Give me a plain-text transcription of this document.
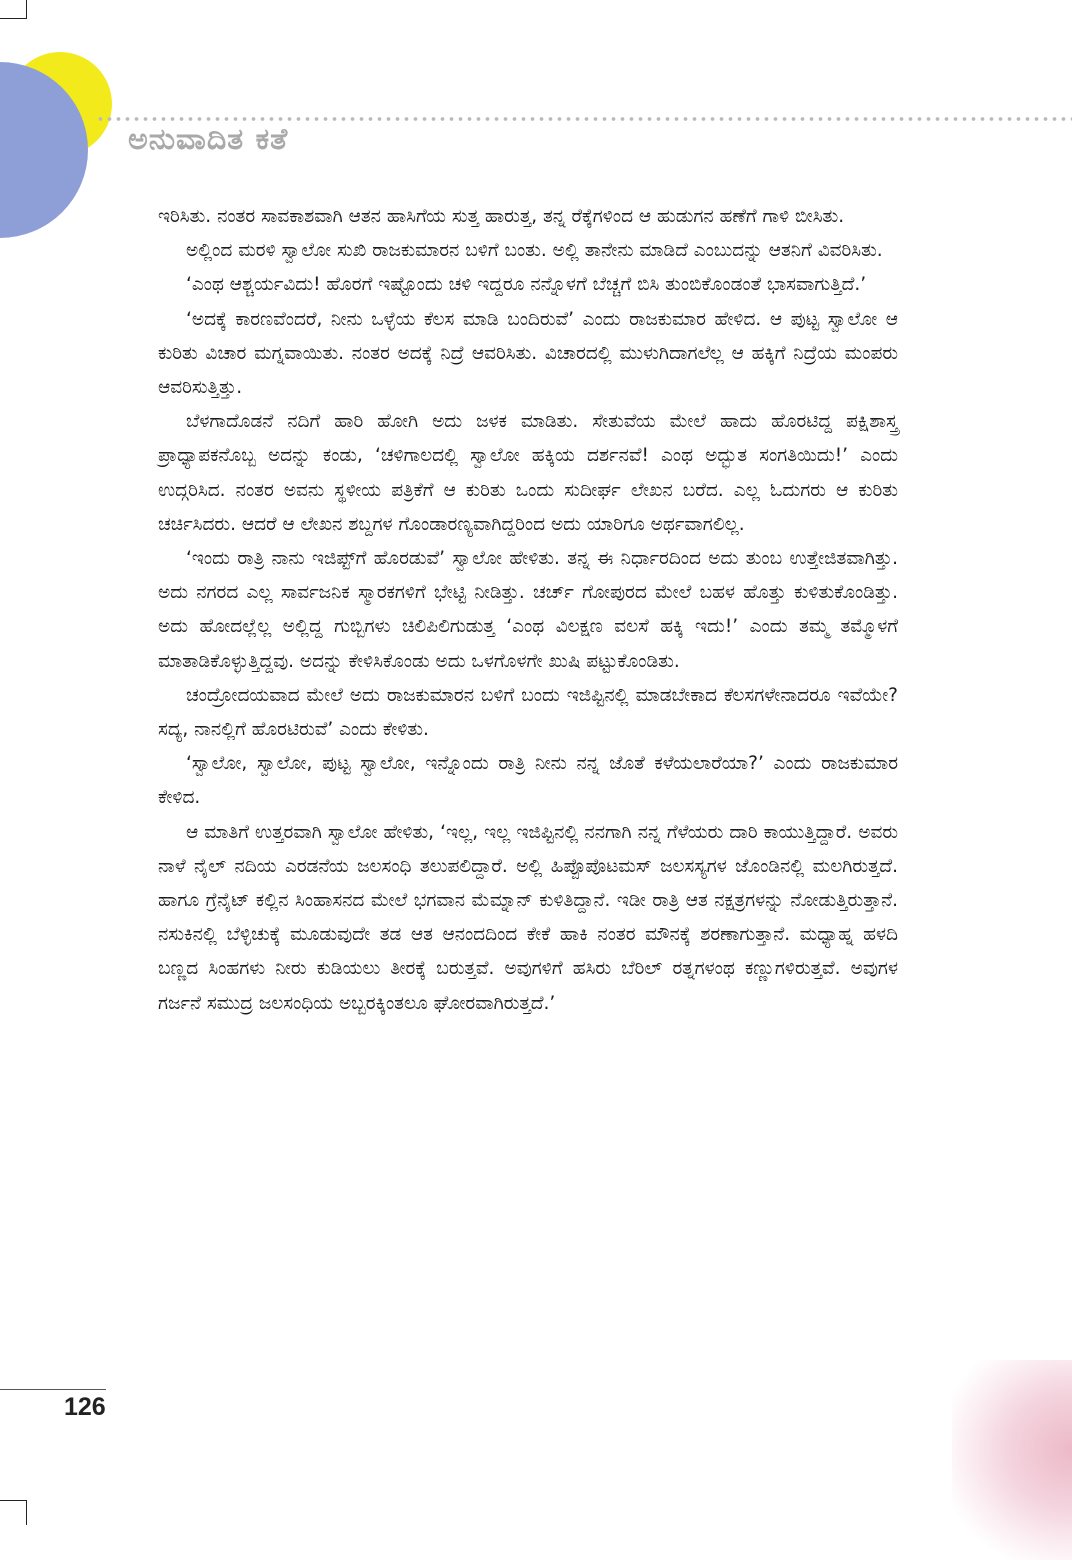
ಅನುವಾದಿತ ಕತೆ

ಇರಿಸಿತು. ನಂತರ ಸಾವಕಾಶವಾಗಿ ಆತನ ಹಾಸಿಗೆಯ ಸುತ್ತ ಹಾರುತ್ತ, ತನ್ನ ರೆಕ್ಕೆಗಳಿಂದ ಆ ಹುಡುಗನ ಹಣೆಗೆ ಗಾಳಿ ಬೀಸಿತು.

ಅಲ್ಲಿಂದ ಮರಳಿ ಸ್ವಾಲೋ ಸುಖಿ ರಾಜಕುಮಾರನ ಬಳಿಗೆ ಬಂತು. ಅಲ್ಲಿ ತಾನೇನು ಮಾಡಿದೆ ಎಂಬುದನ್ನು ಆತನಿಗೆ ವಿವರಿಸಿತು.

‘ಎಂಥ ಆಶ್ಚರ್ಯವಿದು! ಹೊರಗೆ ಇಷ್ಟೊಂದು ಚಳಿ ಇದ್ದರೂ ನನ್ನೊಳಗೆ ಬೆಚ್ಚಗೆ ಬಿಸಿ ತುಂಬಿಕೊಂಡಂತೆ ಭಾಸವಾಗುತ್ತಿದೆ.’

‘ಅದಕ್ಕೆ ಕಾರಣವೆಂದರೆ, ನೀನು ಒಳ್ಳೆಯ ಕೆಲಸ ಮಾಡಿ ಬಂದಿರುವೆ’ ಎಂದು ರಾಜಕುಮಾರ ಹೇಳಿದ. ಆ ಪುಟ್ಟ ಸ್ವಾಲೋ ಆ ಕುರಿತು ವಿಚಾರ ಮಗ್ನವಾಯಿತು. ನಂತರ ಅದಕ್ಕೆ ನಿದ್ರೆ ಆವರಿಸಿತು. ವಿಚಾರದಲ್ಲಿ ಮುಳುಗಿದಾಗಲೆಲ್ಲ ಆ ಹಕ್ಕಿಗೆ ನಿದ್ರೆಯ ಮಂಪರು ಆವರಿಸುತ್ತಿತ್ತು.

ಬೆಳಗಾದೊಡನೆ ನದಿಗೆ ಹಾರಿ ಹೋಗಿ ಅದು ಜಳಕ ಮಾಡಿತು. ಸೇತುವೆಯ ಮೇಲೆ ಹಾದು ಹೊರಟಿದ್ದ ಪಕ್ಷಿಶಾಸ್ತ್ರ ಪ್ರಾಧ್ಯಾಪಕನೊಬ್ಬ ಅದನ್ನು ಕಂಡು, ‘ಚಳಿಗಾಲದಲ್ಲಿ ಸ್ವಾಲೋ ಹಕ್ಕಿಯ ದರ್ಶನವೆ! ಎಂಥ ಅದ್ಭುತ ಸಂಗತಿಯಿದು!’ ಎಂದು ಉದ್ಗರಿಸಿದ. ನಂತರ ಅವನು ಸ್ಥಳೀಯ ಪತ್ರಿಕೆಗೆ ಆ ಕುರಿತು ಒಂದು ಸುದೀರ್ಘ ಲೇಖನ ಬರೆದ. ಎಲ್ಲ ಓದುಗರು ಆ ಕುರಿತು ಚರ್ಚಿಸಿದರು. ಆದರೆ ಆ ಲೇಖನ ಶಬ್ದಗಳ ಗೊಂಡಾರಣ್ಯವಾಗಿದ್ದರಿಂದ ಅದು ಯಾರಿಗೂ ಅರ್ಥವಾಗಲಿಲ್ಲ.

‘ಇಂದು ರಾತ್ರಿ ನಾನು ಇಜಿಪ್ಟ್‌ಗೆ ಹೊರಡುವೆ’ ಸ್ವಾಲೋ ಹೇಳಿತು. ತನ್ನ ಈ ನಿರ್ಧಾರದಿಂದ ಅದು ತುಂಬ ಉತ್ತೇಜಿತವಾಗಿತ್ತು. ಅದು ನಗರದ ಎಲ್ಲ ಸಾರ್ವಜನಿಕ ಸ್ಮಾರಕಗಳಿಗೆ ಭೇಟ್ಟಿ ನೀಡಿತ್ತು. ಚರ್ಚ್ ಗೋಪುರದ ಮೇಲೆ ಬಹಳ ಹೊತ್ತು ಕುಳಿತುಕೊಂಡಿತ್ತು. ಅದು ಹೋದಲ್ಲೆಲ್ಲ ಅಲ್ಲಿದ್ದ ಗುಬ್ಬಿಗಳು ಚಿಲಿಪಿಲಿಗುಡುತ್ತ ‘ಎಂಥ ವಿಲಕ್ಷಣ ವಲಸೆ ಹಕ್ಕಿ ಇದು!’ ಎಂದು ತಮ್ಮ ತಮ್ಮೊಳಗೆ ಮಾತಾಡಿಕೊಳ್ಳುತ್ತಿದ್ದವು. ಅದನ್ನು ಕೇಳಿಸಿಕೊಂಡು ಅದು ಒಳಗೊಳಗೇ ಖುಷಿ ಪಟ್ಟುಕೊಂಡಿತು.

ಚಂದ್ರೋದಯವಾದ ಮೇಲೆ ಅದು ರಾಜಕುಮಾರನ ಬಳಿಗೆ ಬಂದು ಇಜಿಪ್ಟಿನಲ್ಲಿ ಮಾಡಬೇಕಾದ ಕೆಲಸಗಳೇನಾದರೂ ಇವೆಯೇ? ಸದ್ಯ, ನಾನಲ್ಲಿಗೆ ಹೊರಟಿರುವೆ’ ಎಂದು ಕೇಳಿತು.

‘ಸ್ವಾಲೋ, ಸ್ವಾಲೋ, ಪುಟ್ಟ ಸ್ವಾಲೋ, ಇನ್ನೊಂದು ರಾತ್ರಿ ನೀನು ನನ್ನ ಜೊತೆ ಕಳೆಯಲಾರೆಯಾ?’ ಎಂದು ರಾಜಕುಮಾರ ಕೇಳಿದ.

ಆ ಮಾತಿಗೆ ಉತ್ತರವಾಗಿ ಸ್ವಾಲೋ ಹೇಳಿತು, ‘ಇಲ್ಲ, ಇಲ್ಲ ಇಜಿಪ್ಟಿನಲ್ಲಿ ನನಗಾಗಿ ನನ್ನ ಗೆಳೆಯರು ದಾರಿ ಕಾಯುತ್ತಿದ್ದಾರೆ. ಅವರು ನಾಳೆ ನೈಲ್ ನದಿಯ ಎರಡನೆಯ ಜಲಸಂಧಿ ತಲುಪಲಿದ್ದಾರೆ. ಅಲ್ಲಿ ಹಿಪ್ಪೊಪೊಟಮಸ್ ಜಲಸಸ್ಯಗಳ ಜೊಂಡಿನಲ್ಲಿ ಮಲಗಿರುತ್ತದೆ. ಹಾಗೂ ಗ್ರೆನೈಟ್ ಕಲ್ಲಿನ ಸಿಂಹಾಸನದ ಮೇಲೆ ಭಗವಾನ ಮೆಮ್ನಾನ್ ಕುಳಿತಿದ್ದಾನೆ. ಇಡೀ ರಾತ್ರಿ ಆತ ನಕ್ಷತ್ರಗಳನ್ನು ನೋಡುತ್ತಿರುತ್ತಾನೆ. ನಸುಕಿನಲ್ಲಿ ಬೆಳ್ಳಿಚುಕ್ಕೆ ಮೂಡುವುದೇ ತಡ ಆತ ಆನಂದದಿಂದ ಕೇಕೆ ಹಾಕಿ ನಂತರ ಮೌನಕ್ಕೆ ಶರಣಾಗುತ್ತಾನೆ. ಮಧ್ಯಾಹ್ನ ಹಳದಿ ಬಣ್ಣದ ಸಿಂಹಗಳು ನೀರು ಕುಡಿಯಲು ತೀರಕ್ಕೆ ಬರುತ್ತವೆ. ಅವುಗಳಿಗೆ ಹಸಿರು ಬೆರಿಲ್ ರತ್ನಗಳಂಥ ಕಣ್ಣುಗಳಿರುತ್ತವೆ. ಅವುಗಳ ಗರ್ಜನೆ ಸಮುದ್ರ ಜಲಸಂಧಿಯ ಅಬ್ಬರಕ್ಕಿಂತಲೂ ಘೋರವಾಗಿರುತ್ತದೆ.’

126
